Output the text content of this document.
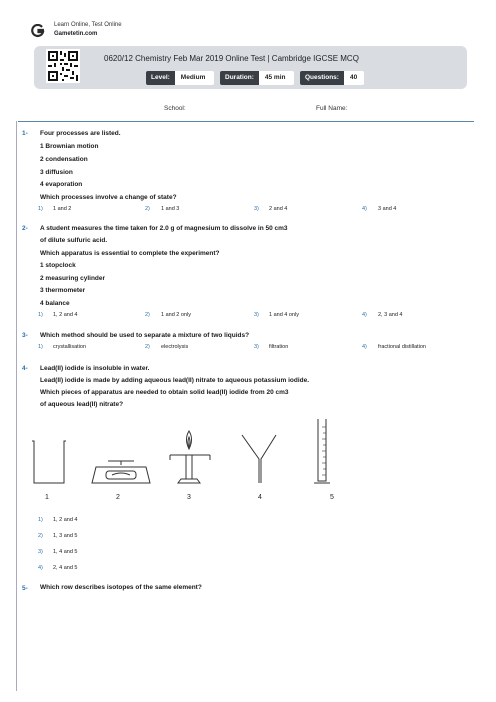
Learn Online, Test Online
Gametetin.com
0620/12 Chemistry Feb Mar 2019 Online Test | Cambridge IGCSE MCQ
Level:	Medium	Duration:	45 min	Questions:	40
School:	Full Name:
1- Four processes are listed.
1 Brownian motion
2 condensation
3 diffusion
4 evaporation
Which processes involve a change of state?
1) 1 and 2	2) 1 and 3	3) 2 and 4	4) 3 and 4
2- A student measures the time taken for 2.0 g of magnesium to dissolve in 50 cm3
of dilute sulfuric acid.
Which apparatus is essential to complete the experiment?
1 stopclock
2 measuring cylinder
3 thermometer
4 balance
1) 1, 2 and 4	2) 1 and 2 only	3) 1 and 4 only	4) 2, 3 and 4
3- Which method should be used to separate a mixture of two liquids?
1) crystallisation	2) electrolysis	3) filtration	4) fractional distillation
4- Lead(II) iodide is insoluble in water.
Lead(II) iodide is made by adding aqueous lead(II) nitrate to aqueous potassium iodide.
Which pieces of apparatus are needed to obtain solid lead(II) iodide from 20 cm3
of aqueous lead(II) nitrate?
1	2	3	4	5
1) 1, 2 and 4
2) 1, 3 and 5
3) 1, 4 and 5
4) 2, 4 and 5
5- Which row describes isotopes of the same element?
